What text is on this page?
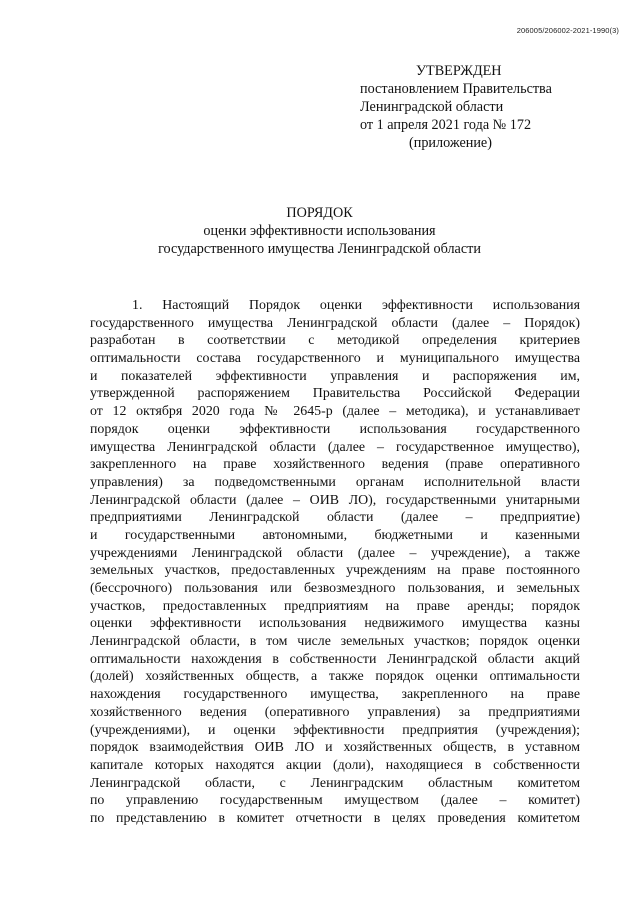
206005/206002-2021-1990(3)
УТВЕРЖДЕН
постановлением Правительства
Ленинградской области
от 1 апреля 2021 года № 172
(приложение)
ПОРЯДОК
оценки эффективности использования
государственного имущества Ленинградской области
1. Настоящий Порядок оценки эффективности использования
государственного имущества Ленинградской области (далее – Порядок)
разработан в соответствии с методикой определения критериев
оптимальности состава государственного и муниципального имущества
и показателей эффективности управления и распоряжения им,
утвержденной распоряжением Правительства Российской Федерации
от 12 октября 2020 года № 2645-р (далее – методика), и устанавливает
порядок оценки эффективности использования государственного
имущества Ленинградской области (далее – государственное имущество),
закрепленного на праве хозяйственного ведения (праве оперативного
управления) за подведомственными органам исполнительной власти
Ленинградской области (далее – ОИВ ЛО), государственными унитарными
предприятиями Ленинградской области (далее – предприятие)
и государственными автономными, бюджетными и казенными
учреждениями Ленинградской области (далее – учреждение), а также
земельных участков, предоставленных учреждениям на праве постоянного
(бессрочного) пользования или безвозмездного пользования, и земельных
участков, предоставленных предприятиям на праве аренды; порядок
оценки эффективности использования недвижимого имущества казны
Ленинградской области, в том числе земельных участков; порядок оценки
оптимальности нахождения в собственности Ленинградской области акций
(долей) хозяйственных обществ, а также порядок оценки оптимальности
нахождения государственного имущества, закрепленного на праве
хозяйственного ведения (оперативного управления) за предприятиями
(учреждениями), и оценки эффективности предприятия (учреждения);
порядок взаимодействия ОИВ ЛО и хозяйственных обществ, в уставном
капитале которых находятся акции (доли), находящиеся в собственности
Ленинградской области, с Ленинградским областным комитетом
по управлению государственным имуществом (далее – комитет)
по представлению в комитет отчетности в целях проведения комитетом
